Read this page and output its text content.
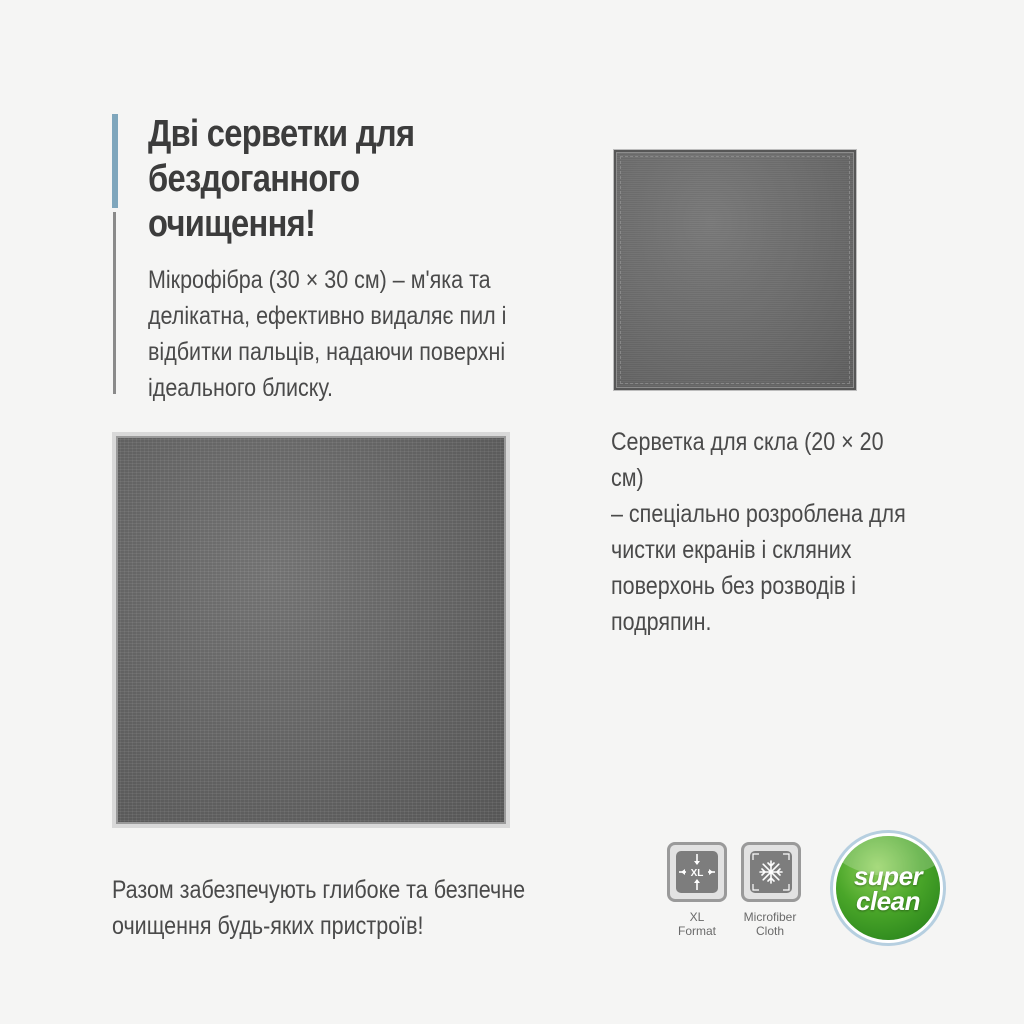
Дві серветки для
бездоганного
очищення!
Мікрофібра (30 × 30 см) – м'яка та
делікатна, ефективно видаляє пил і
відбитки пальців, надаючи поверхні
ідеального блиску.
Серветка для скла (20 × 20 см)
– спеціально розроблена для
чистки екранів і скляних
поверхонь без розводів і
подряпин.
Разом забезпечують глибоке та безпечне
очищення будь-яких пристроїв!
XL
XL
Format
Microfiber
Cloth
super
clean
